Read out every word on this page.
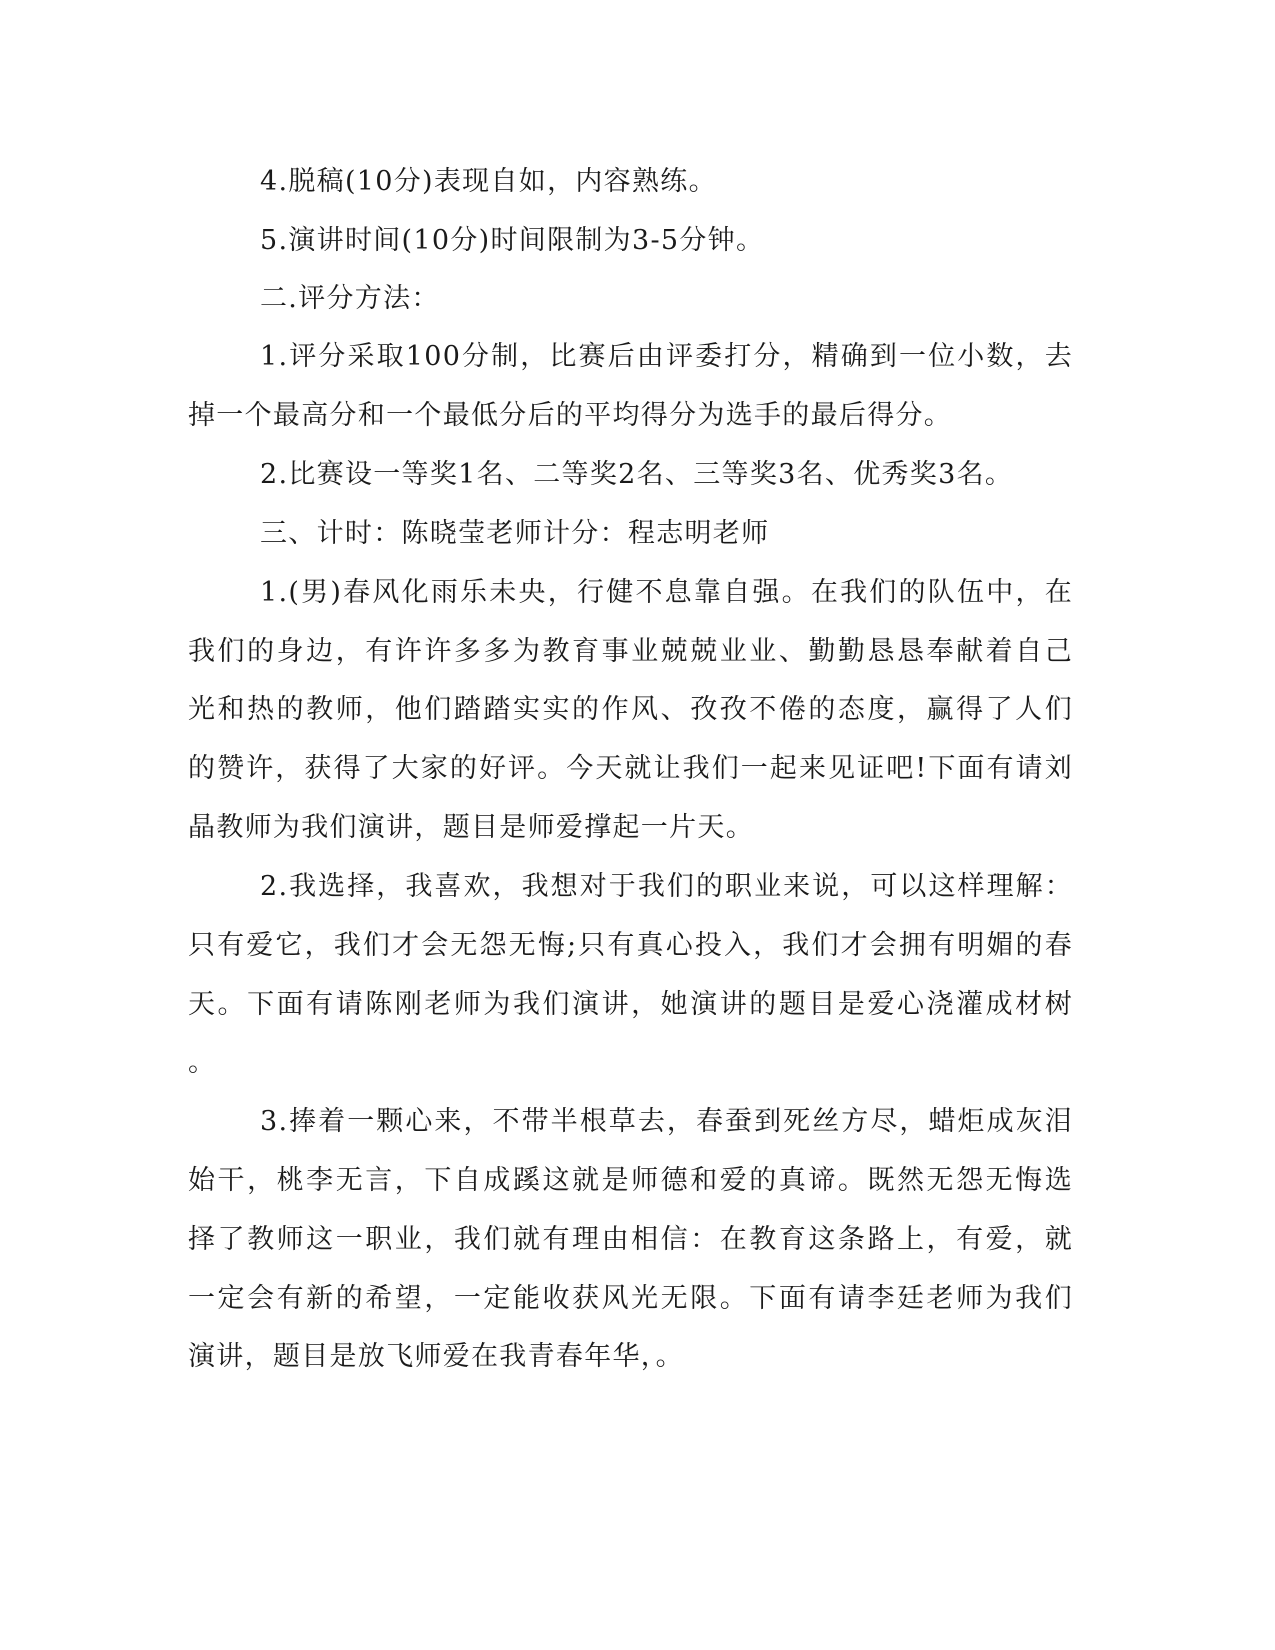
4.脱稿(10分)表现自如，内容熟练。
5.演讲时间(10分)时间限制为3-5分钟。
二.评分方法：
1.评分采取100分制，比赛后由评委打分，精确到一位小数，去
掉一个最高分和一个最低分后的平均得分为选手的最后得分。
2.比赛设一等奖1名、二等奖2名、三等奖3名、优秀奖3名。
三、计时：陈晓莹老师计分：程志明老师
1.(男)春风化雨乐未央，行健不息靠自强。在我们的队伍中，在
我们的身边，有许许多多为教育事业兢兢业业、勤勤恳恳奉献着自己
光和热的教师，他们踏踏实实的作风、孜孜不倦的态度，赢得了人们
的赞许，获得了大家的好评。今天就让我们一起来见证吧!下面有请刘
晶教师为我们演讲，题目是师爱撑起一片天。
2.我选择，我喜欢，我想对于我们的职业来说，可以这样理解：
只有爱它，我们才会无怨无悔;只有真心投入，我们才会拥有明媚的春
天。下面有请陈刚老师为我们演讲，她演讲的题目是爱心浇灌成材树
。
3.捧着一颗心来，不带半根草去，春蚕到死丝方尽，蜡炬成灰泪
始干，桃李无言，下自成蹊这就是师德和爱的真谛。既然无怨无悔选
择了教师这一职业，我们就有理由相信：在教育这条路上，有爱，就
一定会有新的希望，一定能收获风光无限。下面有请李廷老师为我们
演讲，题目是放飞师爱在我青春年华，。
